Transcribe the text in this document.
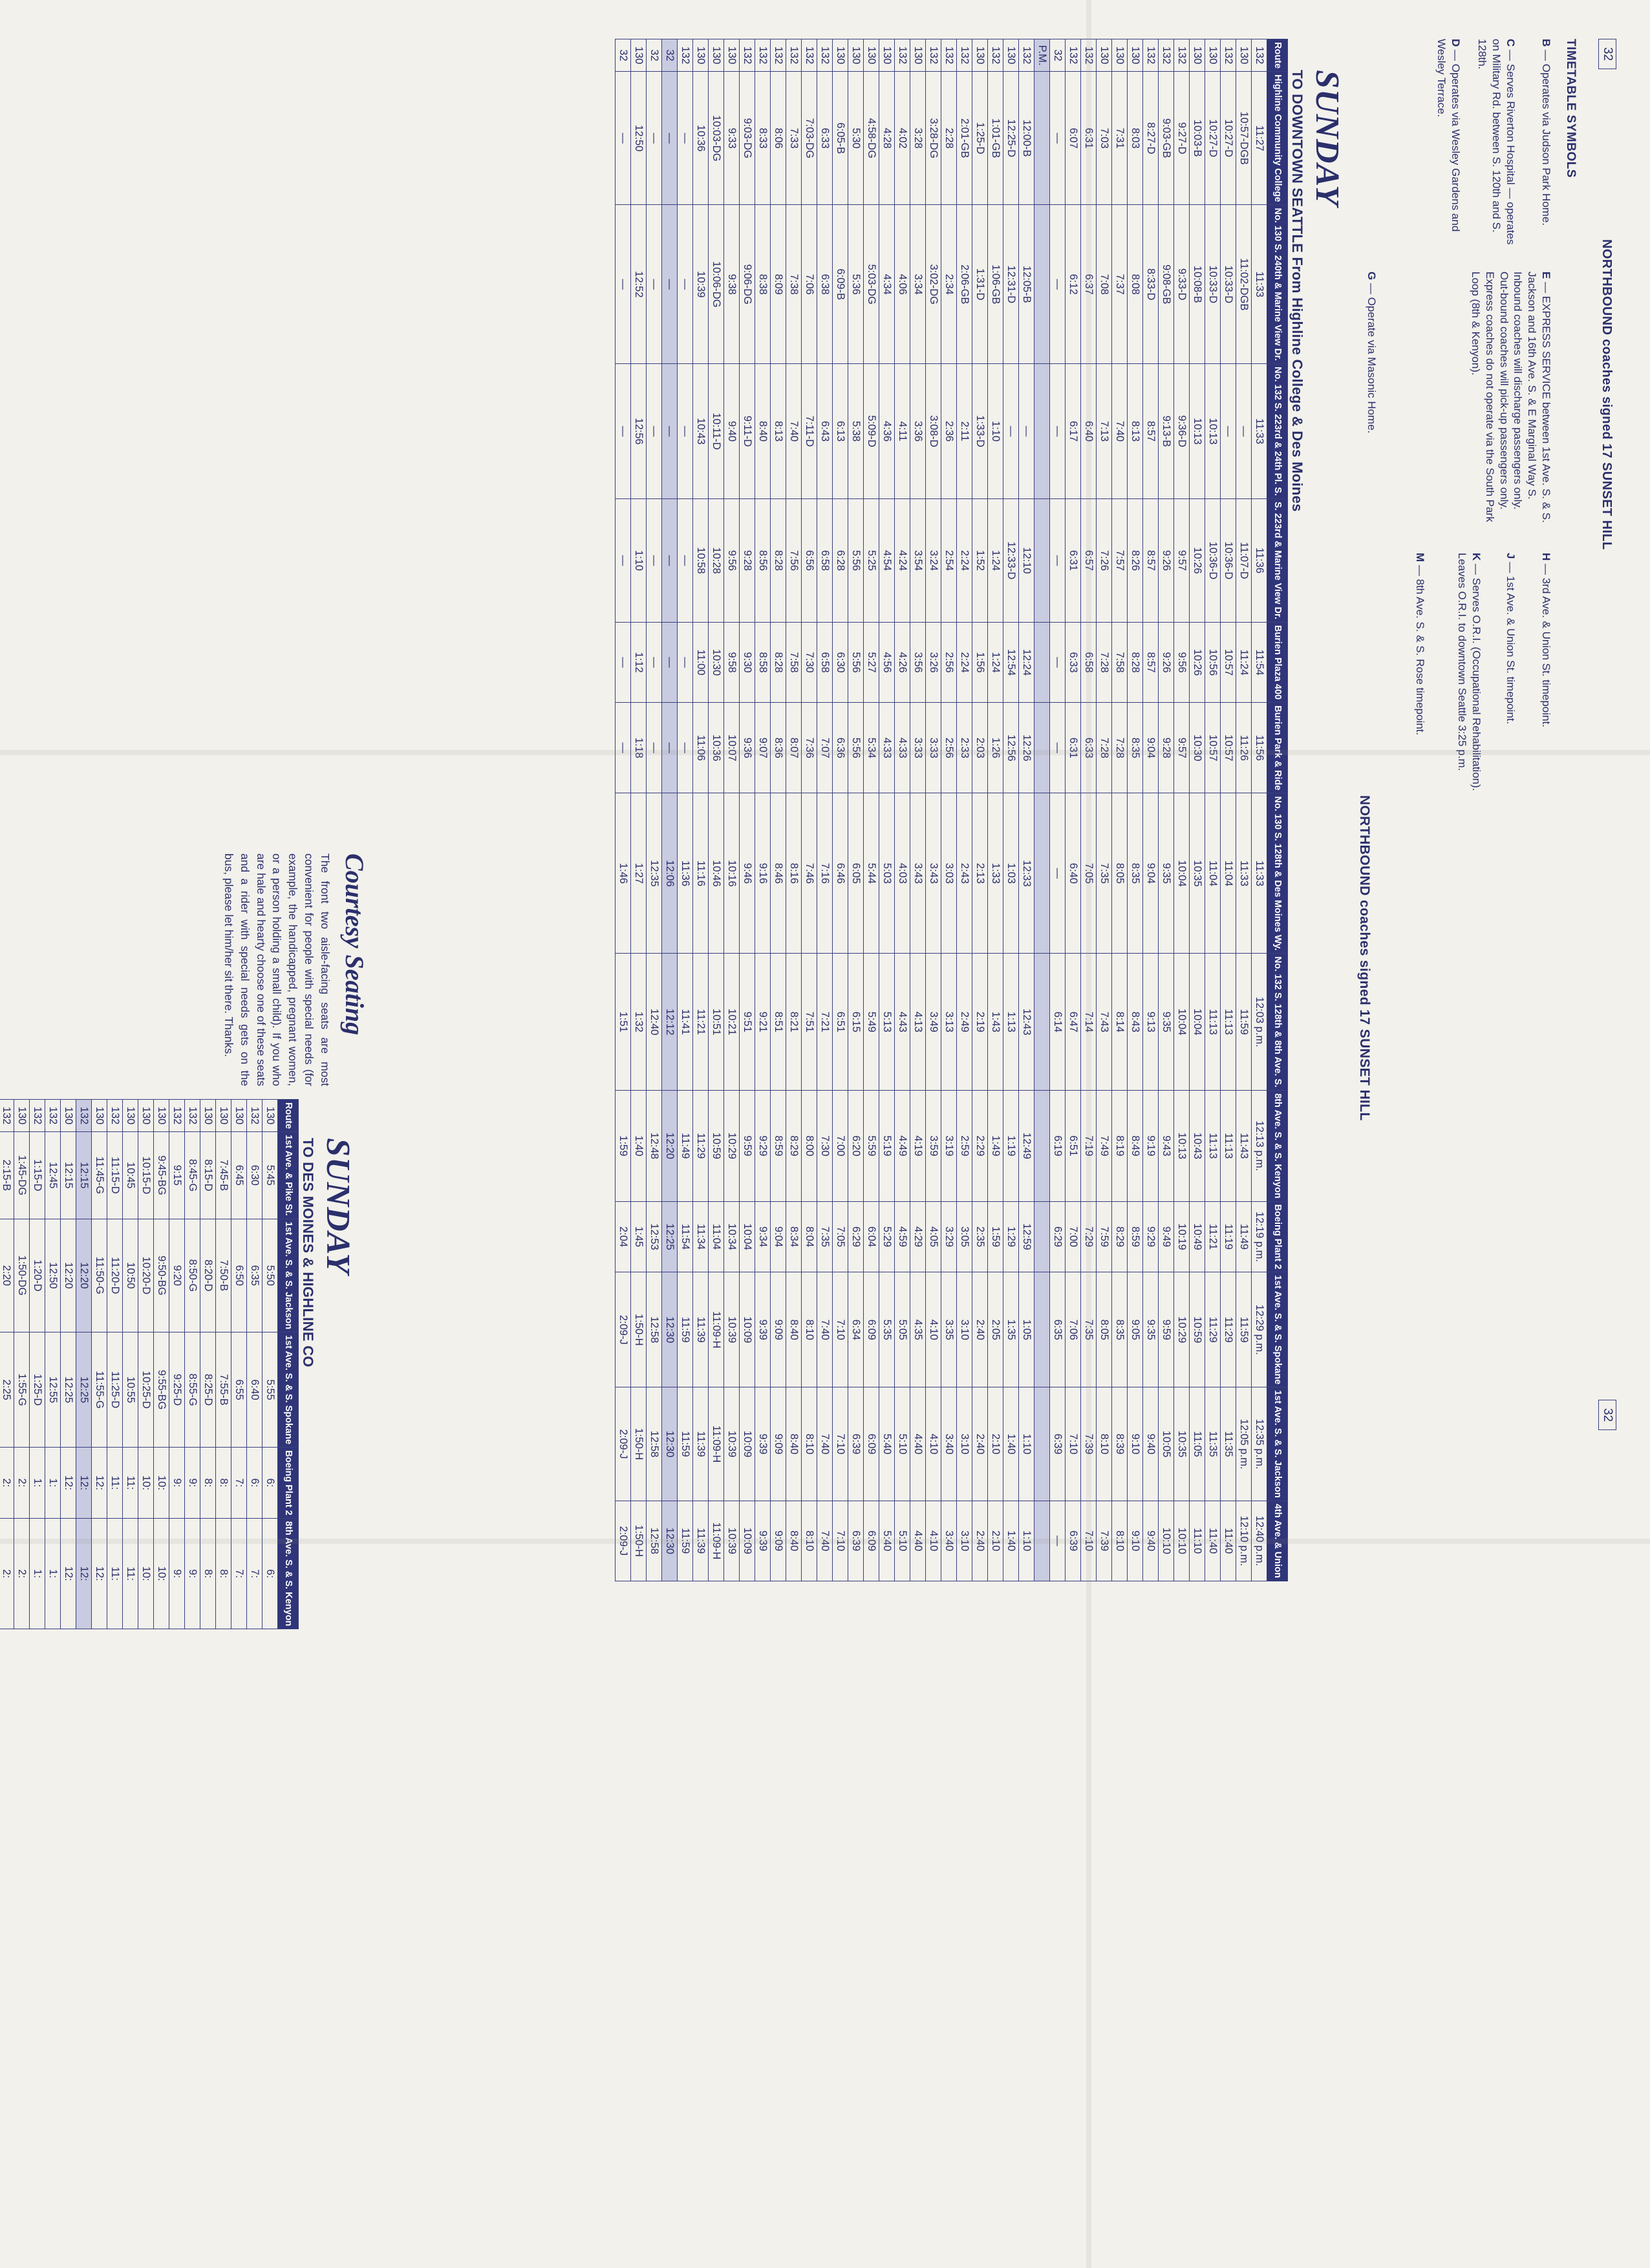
32
32
NORTHBOUND coaches signed 17 SUNSET HILL
TIMETABLE SYMBOLS
B — Operates via Judson Park Home.
C — Serves Riverton Hospital — operates on Military Rd. between S. 120th and S. 128th.
D — Operates via Wesley Gardens and Wesley Terrace.
E — EXPRESS SERVICE between 1st Ave. S. & S. Jackson and 16th Ave. S. & E Marginal Way S. Inbound coaches will discharge passengers only. Out-bound coaches will pick-up passengers only. Express coaches do not operate via the South Park Loop (8th & Kenyon).
G — Operate via Masonic Home.
H — 3rd Ave. & Union St. timepoint.
J — 1st Ave. & Union St. timepoint.
K — Serves O.R.I. (Occupational Rehabilitation). Leaves O.R.I. to downtown Seattle 3:25 p.m.
M — 8th Ave. S. & S. Rose timepoint.
SUNDAY
TO DOWNTOWN SEATTLE From Highline College & Des Moines
Route	Highline Community College	No. 130 S. 240th & Marine View Dr.	No. 132 S. 223rd & 24th Pl. S.	S. 223rd & Marine View Dr.	Burien Plaza 400	Burien Park & Ride	No. 130 S. 128th & Des Moines Wy.	No. 132 S. 128th & 8th Ave. S.	8th Ave. S. & S. Kenyon	Boeing Plant 2	1st Ave. S. & S. Spokane	1st Ave. S. & S. Jackson	4th Ave. & Union
132	11:27	11:33	11:33	11:36	11:54	11:56	11:33	12:03 p.m.	12:13 p.m.	12:19 p.m.	12:29 p.m.	12:35 p.m.	12:40 p.m.
130	10:57-DGB	11:02-DGB	—	11:07-D	11:24	11:26	11:33	11:59	11:43	11:49	11:59	12:05 p.m.	12:10 p.m.
132	10:27-D	10:33-D	—	10:36-D	10:57	10:57	11:04	11:13	11:13	11:19	11:29	11:35	11:40
130	10:27-D	10:33-D	10:13	10:36-D	10:56	10:57	11:04	11:13	11:13	11:21	11:29	11:35	11:40
130	10:03-B	10:08-B	10:13	10:26	10:26	10:30	10:35	10:04	10:43	10:49	10:59	11:05	11:10
132	9:27-D	9:33-D	9:36-D	9:57	9:56	9:57	10:04	10:04	10:13	10:19	10:29	10:35	10:10
132	9:03-GB	9:08-GB	9:13-B	9:26	9:26	9:28	9:35	9:35	9:43	9:49	9:59	10:05	10:10
132	8:27-D	8:33-D	8:57	8:57	8:57	9:04	9:04	9:13	9:19	9:29	9:35	9:40	9:40
130	8:03	8:08	8:13	8:26	8:28	8:35	8:35	8:43	8:49	8:59	9:05	9:10	9:10
130	7:31	7:37	7:40	7:57	7:58	7:28	8:05	8:14	8:19	8:29	8:35	8:39	8:10
130	7:03	7:08	7:13	7:26	7:28	7:28	7:35	7:43	7:49	7:59	8:05	8:10	7:39
132	6:31	6:37	6:40	6:57	6:58	6:33	7:05	7:14	7:19	7:29	7:35	7:39	7:10
132	6:07	6:12	6:17	6:31	6:33	6:31	6:40	6:47	6:51	7:00	7:06	7:10	6:39
32	—	—	—	—	—	—	—	6:14	6:19	6:29	6:35	6:39	—
P.M.													
132	12:00-B	12:05-B	—	12:10	12:24	12:26	12:33	12:43	12:49	12:59	1:05	1:10	1:10
130	12:25-D	12:31-D	—	12:33-D	12:54	12:56	1:03	1:13	1:19	1:29	1:35	1:40	1:40
132	1:01-GB	1:06-GB	1:10	1:24	1:24	1:26	1:33	1:43	1:49	1:59	2:05	2:10	2:10
130	1:25-D	1:31-D	1:33-D	1:52	1:56	2:03	2:13	2:19	2:29	2:35	2:40	2:40	2:40
132	2:01-GB	2:06-GB	2:11	2:24	2:24	2:33	2:43	2:49	2:59	3:05	3:10	3:10	3:10
132	2:28	2:34	2:36	2:54	2:56	2:56	3:03	3:13	3:19	3:29	3:35	3:40	3:40
132	3:28-DG	3:02-DG	3:08-D	3:24	3:26	3:33	3:43	3:49	3:59	4:05	4:10	4:10	4:10
130	3:28	3:34	3:36	3:54	3:56	3:33	3:43	4:13	4:19	4:29	4:35	4:40	4:40
132	4:02	4:06	4:11	4:24	4:26	4:33	4:03	4:43	4:49	4:59	5:05	5:10	5:10
130	4:28	4:34	4:36	4:54	4:56	4:33	5:03	5:13	5:19	5:29	5:35	5:40	5:40
130	4:58-DG	5:03-DG	5:09-D	5:25	5:27	5:34	5:44	5:49	5:59	6:04	6:09	6:09	6:09
130	5:30	5:36	5:38	5:56	5:56	5:56	6:05	6:15	6:20	6:29	6:34	6:39	6:39
130	6:05-B	6:09-B	6:13	6:28	6:30	6:36	6:46	6:51	7:00	7:05	7:10	7:10	7:10
132	6:33	6:38	6:43	6:58	6:58	7:07	7:16	7:21	7:30	7:35	7:40	7:40	7:40
132	7:03-DG	7:06	7:11-D	6:56	7:30	7:36	7:46	7:51	8:00	8:04	8:10	8:10	8:10
132	7:33	7:38	7:40	7:56	7:58	8:07	8:16	8:21	8:29	8:34	8:40	8:40	8:40
132	8:06	8:09	8:13	8:28	8:28	8:36	8:46	8:51	8:59	9:04	9:09	9:09	9:09
132	8:33	8:38	8:40	8:56	8:58	9:07	9:16	9:21	9:29	9:34	9:39	9:39	9:39
132	9:03-DG	9:06-DG	9:11-D	9:28	9:30	9:36	9:46	9:51	9:59	10:04	10:09	10:09	10:09
130	9:33	9:38	9:40	9:56	9:58	10:07	10:16	10:21	10:29	10:34	10:39	10:39	10:39
130	10:03-DG	10:06-DG	10:11-D	10:28	10:30	10:36	10:46	10:51	10:59	11:04	11:09-H	11:09-H	11:09-H
130	10:36	10:39	10:43	10:58	11:00	11:06	11:16	11:21	11:29	11:34	11:39	11:39	11:39
132	—	—	—	—	—	—	11:36	11:41	11:49	11:54	11:59	11:59	11:59
32	—	—	—	—	—	—	12:06	12:12	12:20	12:25	12:30	12:30	12:30
32	—	—	—	—	—	—	12:35	12:40	12:48	12:53	12:58	12:58	12:58
130	12:50	12:52	12:56	1:10	1:12	1:18	1:27	1:32	1:40	1:45	1:50-H	1:50-H	1:50-H
32	—	—	—	—	—	—	1:46	1:51	1:59	2:04	2:09-J	2:09-J	2:09-J
Courtesy Seating
The front two aisle-facing seats are most convenient for people with special needs (for example, the handicapped, pregnant women, or a person holding a small child). If you who are hale and hearty choose one of these seats and a rider with special needs gets on the bus, please let him/her sit there. Thanks.
SUNDAY
TO DES MOINES & HIGHLINE CO
Route	1st Ave. & Pike St.	1st Ave. S. & S. Jackson	1st Ave. S. & S. Spokane	Boeing Plant 2	8th Ave. S. & S. Kenyon
130	5:45	5:50	5:55	6:	6:
132	6:30	6:35	6:40	6:	7:
130	6:45	6:50	6:55	7:	7:
130	7:45-B	7:50-B	7:55-B	8:	8:
130	8:15-D	8:20-D	8:25-D	8:	8:
132	8:45-G	8:50-G	8:55-G	9:	9:
132	9:15	9:20	9:25-D	9:	9:
130	9:45-BG	9:50-BG	9:55-BG	10:	10:
130	10:15-D	10:20-D	10:25-D	10:	10:
130	10:45	10:50	10:55	11:	11:
132	11:15-D	11:20-D	11:25-D	11:	11:
130	11:45-G	11:50-G	11:55-G	12:	12:
132	12:15	12:20	12:25	12:	12:
130	12:15	12:20	12:25	12:	12:
132	12:45	12:50	12:55	1:	1:
132	1:15-D	1:20-D	1:25-D	1:	1:
130	1:45-DG	1:50-DG	1:55-G	2:	2:
132	2:15-B	2:20	2:25	2:	2:

NORTHBOUND coaches signed 17 SUNSET HILL
